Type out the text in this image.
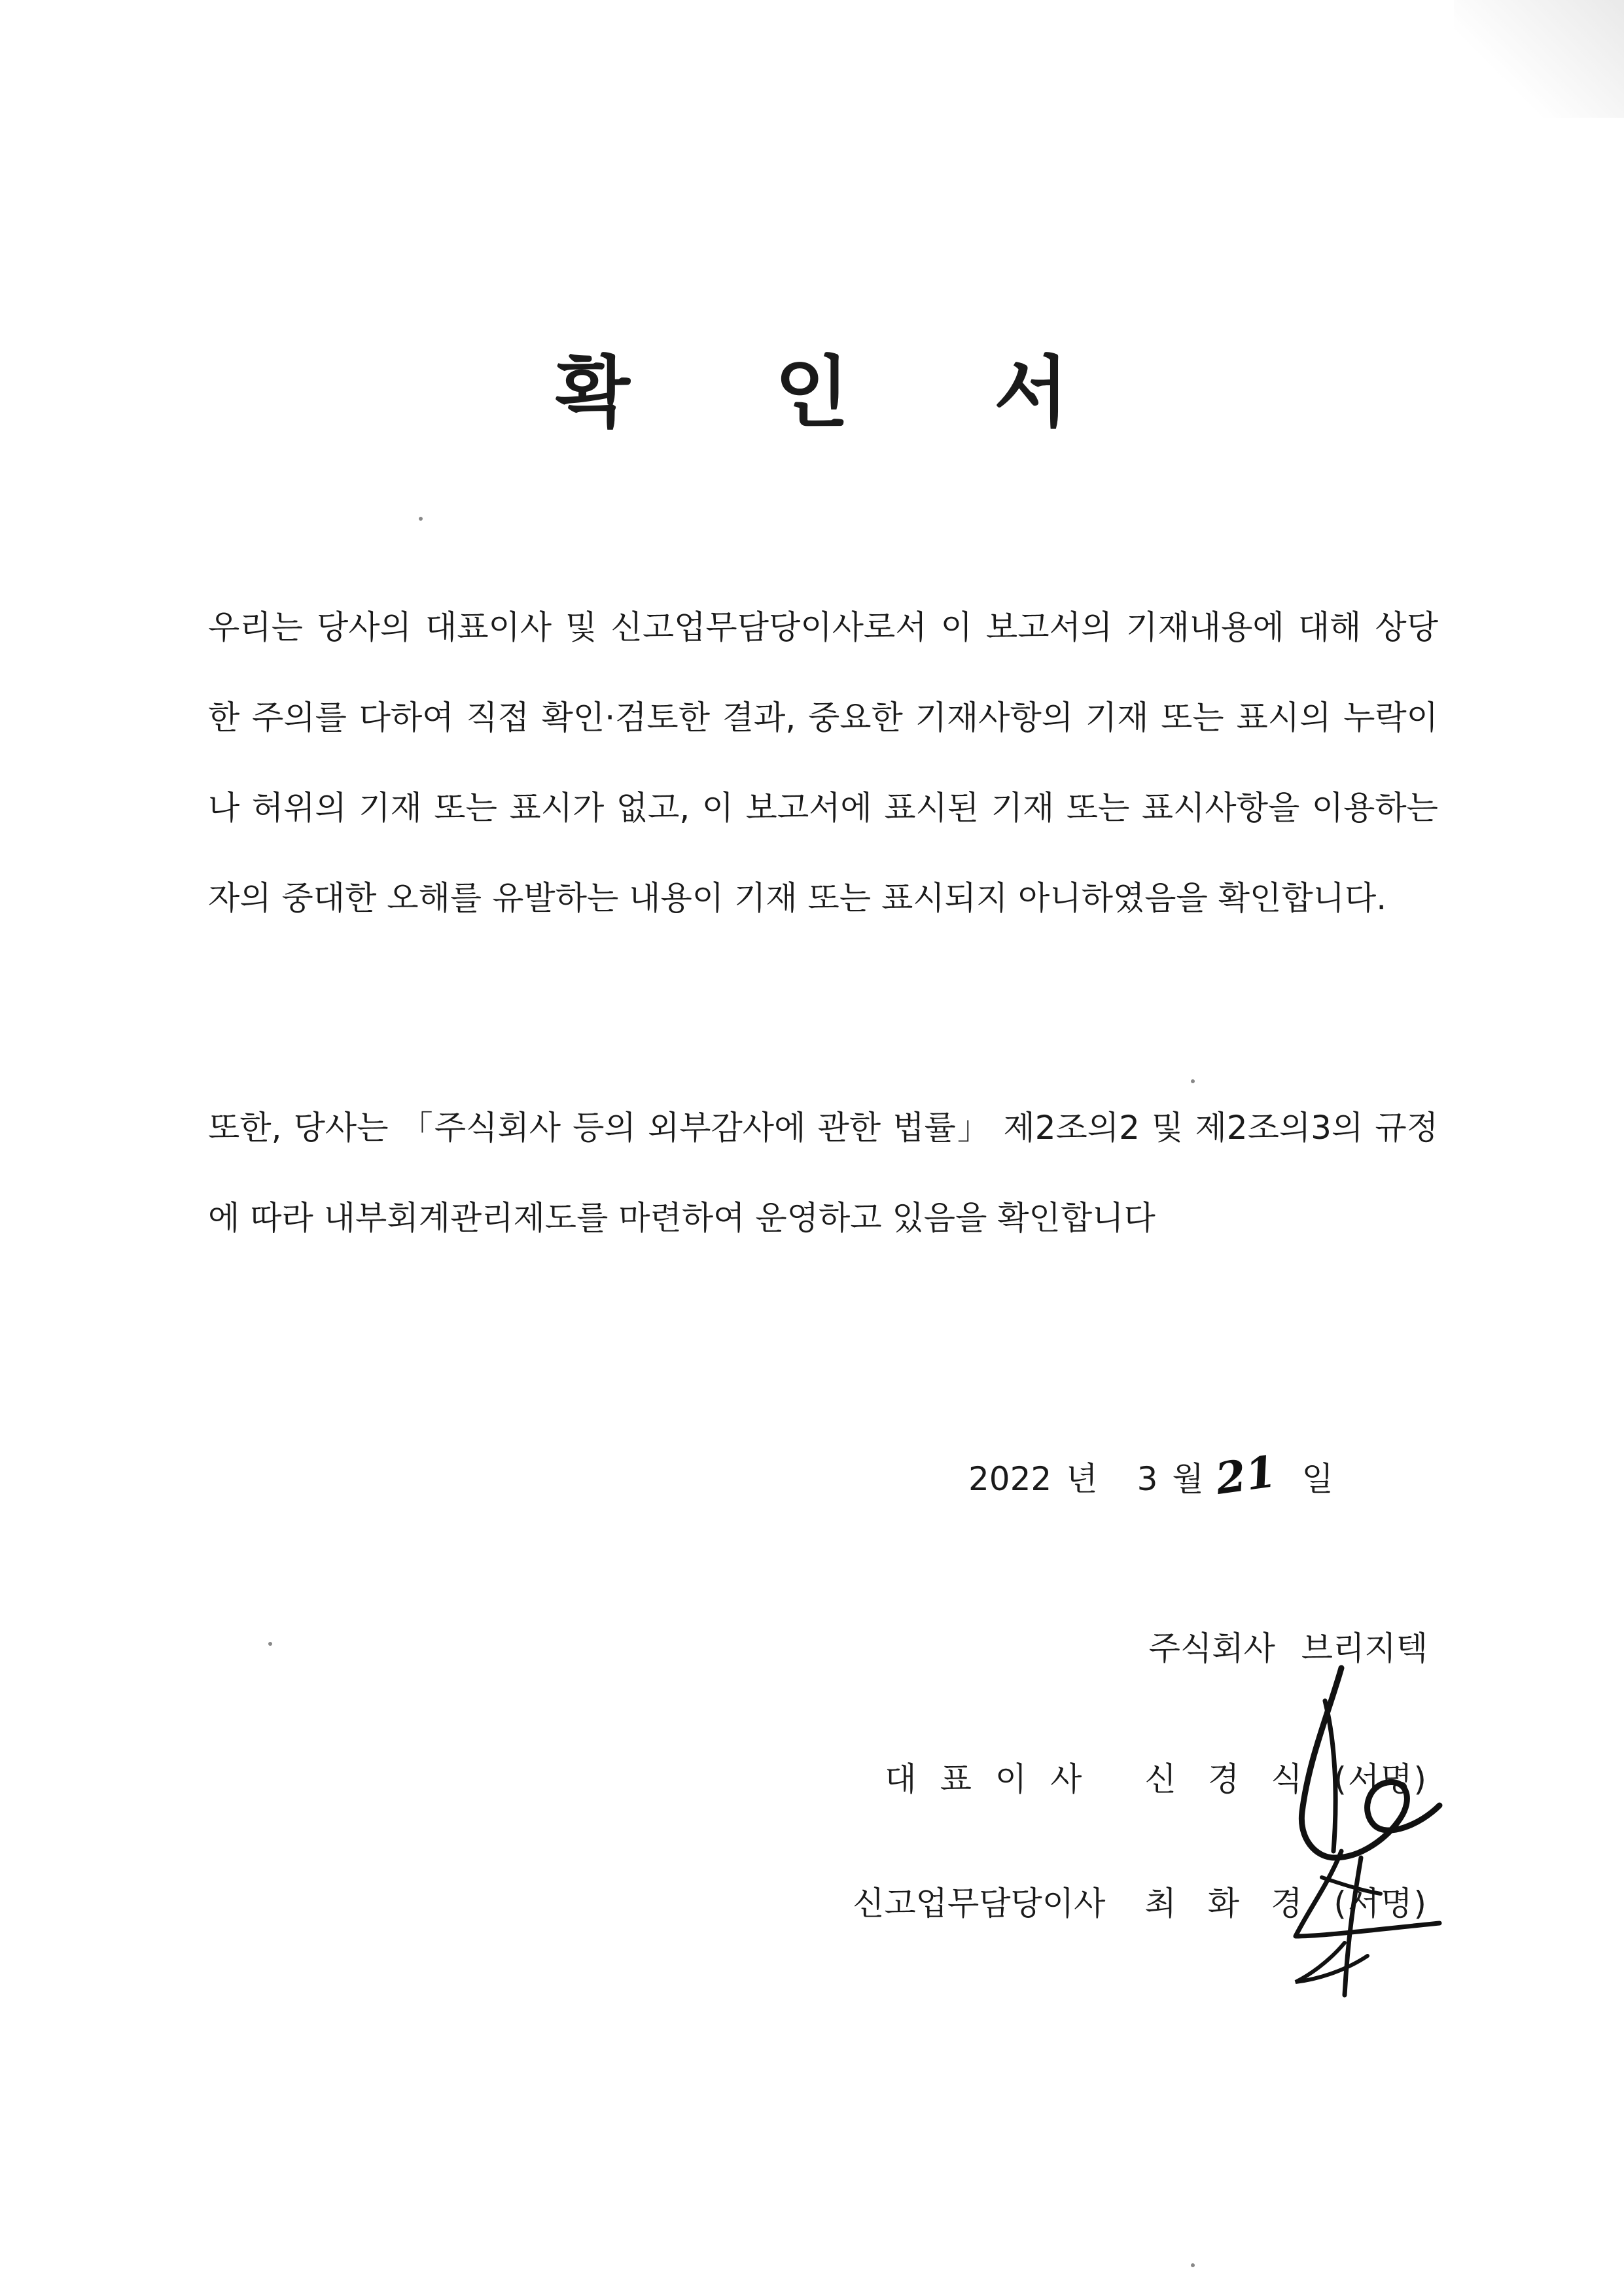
확 인 서
우리는 당사의 대표이사 및 신고업무담당이사로서 이 보고서의 기재내용에 대해 상당한 주의를 다하여 직접 확인·검토한 결과, 중요한 기재사항의 기재 또는 표시의 누락이나 허위의 기재 또는 표시가 없고, 이 보고서에 표시된 기재 또는 표시사항을 이용하는 자의 중대한 오해를 유발하는 내용이 기재 또는 표시되지 아니하였음을 확인합니다.
또한, 당사는 「주식회사 등의 외부감사에 관한 법률」 제2조의2 및 제2조의3의 규정에 따라 내부회계관리제도를 마련하여 운영하고 있음을 확인합니다
2022 년 3 월 21 일
주식회사 브리지텍
대표이사 신경식(서명)
신고업무담당이사 최화경(서명)
